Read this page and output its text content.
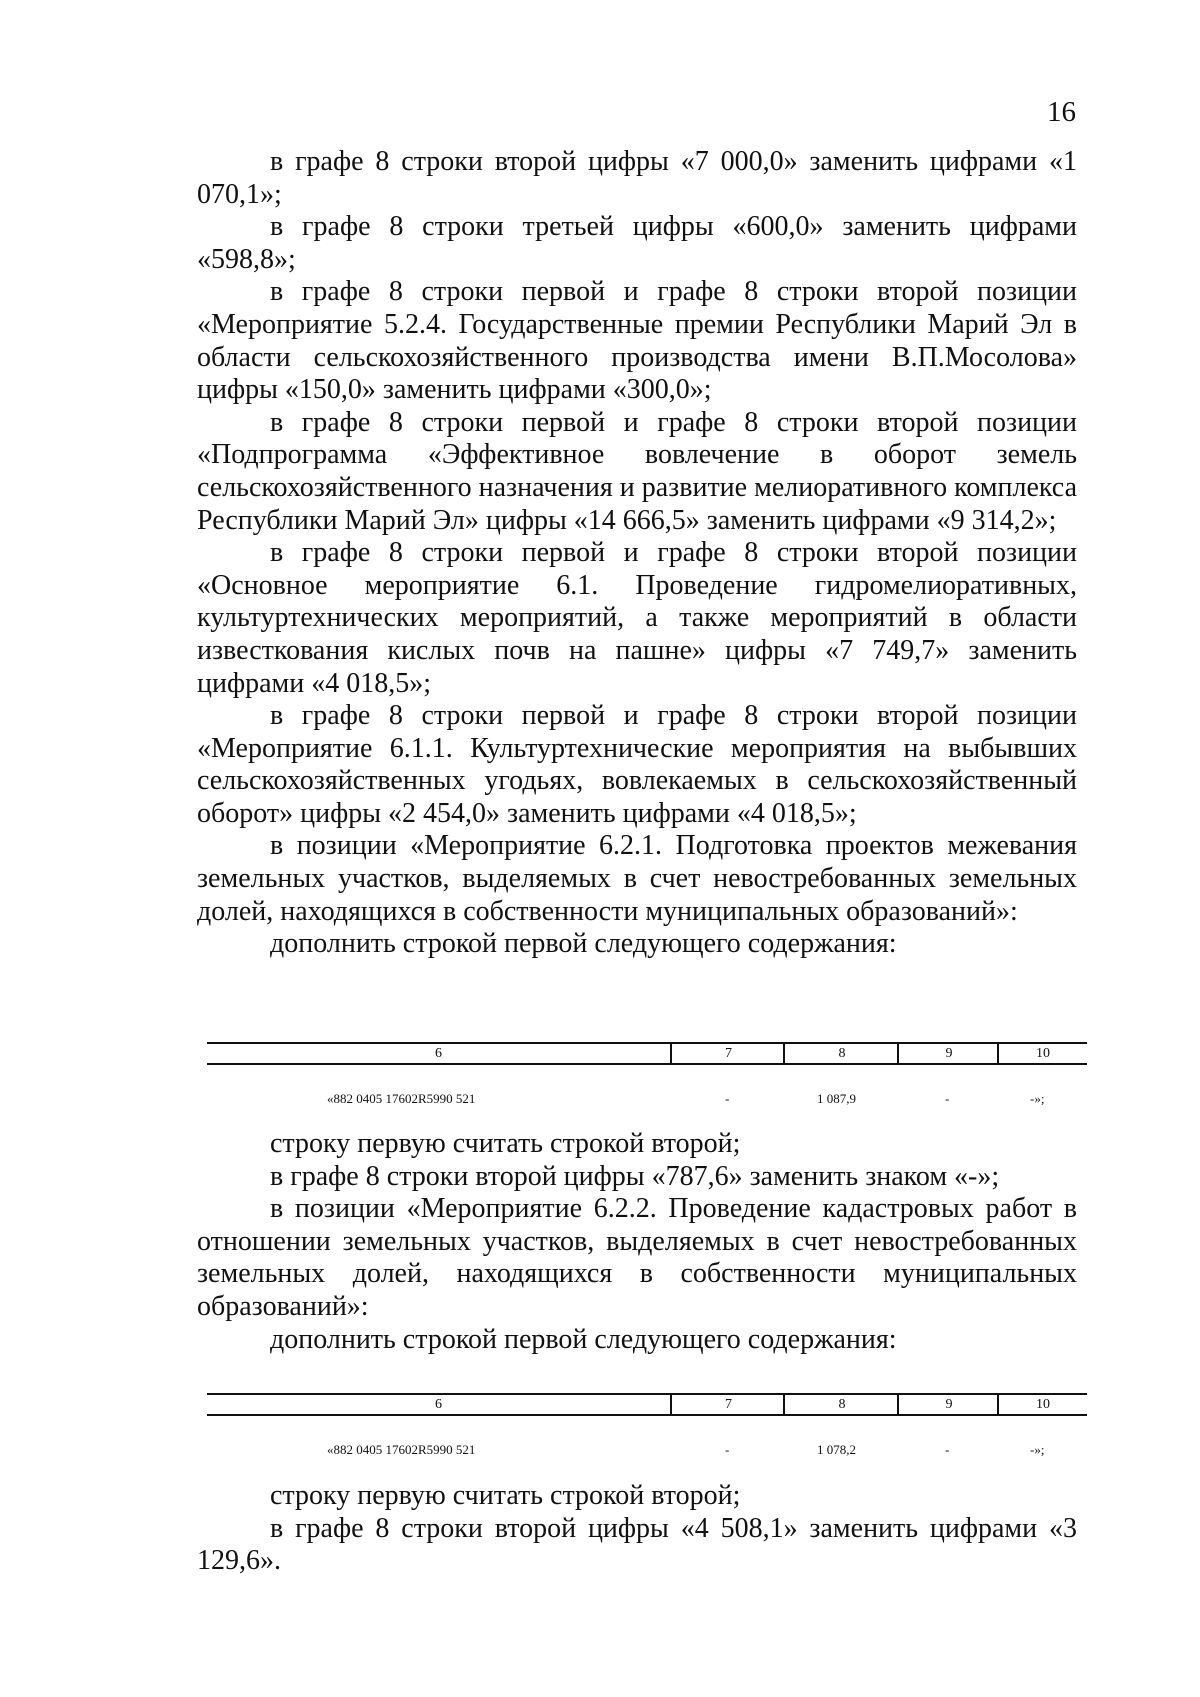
16

в графе 8 строки второй цифры «7 000,0» заменить цифрами «1 070,1»;

в графе 8 строки третьей цифры «600,0» заменить цифрами «598,8»;

в графе 8 строки первой и графе 8 строки второй позиции «Мероприятие 5.2.4. Государственные премии Республики Марий Эл в области сельскохозяйственного производства имени В.П.Мосолова» цифры «150,0» заменить цифрами «300,0»;

в графе 8 строки первой и графе 8 строки второй позиции «Подпрограмма «Эффективное вовлечение в оборот земель сельскохозяйственного назначения и развитие мелиоративного комплекса Республики Марий Эл» цифры «14 666,5» заменить цифрами «9 314,2»;

в графе 8 строки первой и графе 8 строки второй позиции «Основное мероприятие 6.1. Проведение гидромелиоративных, культуртехнических мероприятий, а также мероприятий в области известкования кислых почв на пашне» цифры «7 749,7» заменить цифрами «4 018,5»;

в графе 8 строки первой и графе 8 строки второй позиции «Мероприятие 6.1.1. Культуртехнические мероприятия на выбывших сельскохозяйственных угодьях, вовлекаемых в сельскохозяйственный оборот» цифры «2 454,0» заменить цифрами «4 018,5»;

в позиции «Мероприятие 6.2.1. Подготовка проектов межевания земельных участков, выделяемых в счет невостребованных земельных долей, находящихся в собственности муниципальных образований»:

дополнить строкой первой следующего содержания:

6	7	8	9	10
«882 0405 17602R5990 521	-	1 087,9	-	-»;

строку первую считать строкой второй;

в графе 8 строки второй цифры «787,6» заменить знаком «-»;

в позиции «Мероприятие 6.2.2. Проведение кадастровых работ в отношении земельных участков, выделяемых в счет невостребованных земельных долей, находящихся в собственности муниципальных образований»:

дополнить строкой первой следующего содержания:

6	7	8	9	10
«882 0405 17602R5990 521	-	1 078,2	-	-»;

строку первую считать строкой второй;

в графе 8 строки второй цифры «4 508,1» заменить цифрами «3 129,6».
